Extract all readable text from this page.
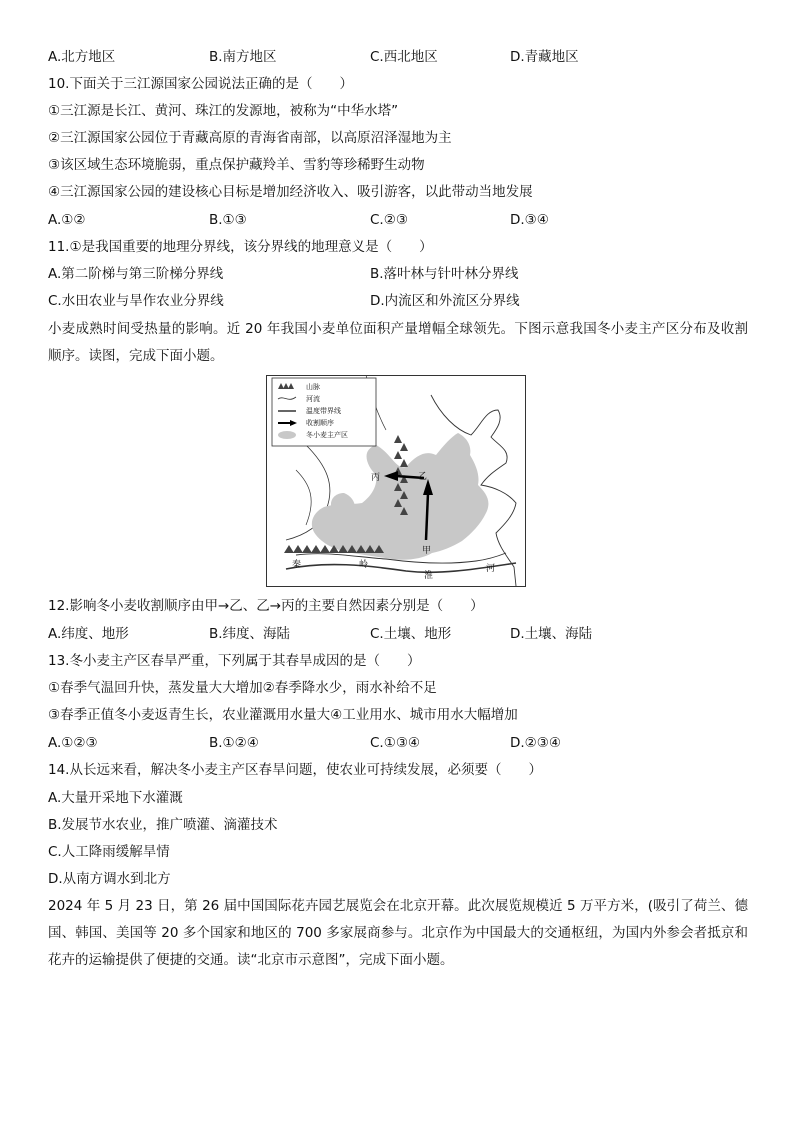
A.北方地区	B.南方地区	C.西北地区	D.青藏地区
10.下面关于三江源国家公园说法正确的是（　　）
①三江源是长江、黄河、珠江的发源地，被称为“中华水塔”
②三江源国家公园位于青藏高原的青海省南部，以高原沼泽湿地为主
③该区域生态环境脆弱，重点保护藏羚羊、雪豹等珍稀野生动物
④三江源国家公园的建设核心目标是增加经济收入、吸引游客，以此带动当地发展
A.①②	B.①③	C.②③	D.③④
11.①是我国重要的地理分界线，该分界线的地理意义是（　　）
A.第二阶梯与第三阶梯分界线	B.落叶林与针叶林分界线
C.水田农业与旱作农业分界线	D.内流区和外流区分界线
小麦成熟时间受热量的影响。近 20 年我国小麦单位面积产量增幅全球领先。下图示意我国冬小麦主产区分布及收割顺序。读图，完成下面小题。
丙	乙
甲
秦	岭
淮
河
山脉
河流
温度带界线
收割顺序
冬小麦主产区
12.影响冬小麦收割顺序由甲→乙、乙→丙的主要自然因素分别是（　　）
A.纬度、地形	B.纬度、海陆	C.土壤、地形	D.土壤、海陆
13.冬小麦主产区春旱严重，下列属于其春旱成因的是（　　）
①春季气温回升快，蒸发量大大增加②春季降水少，雨水补给不足
③春季正值冬小麦返青生长，农业灌溉用水量大④工业用水、城市用水大幅增加
A.①②③	B.①②④	C.①③④	D.②③④
14.从长远来看，解决冬小麦主产区春旱问题，使农业可持续发展，必须要（　　）
A.大量开采地下水灌溉
B.发展节水农业，推广喷灌、滴灌技术
C.人工降雨缓解旱情
D.从南方调水到北方
2024 年 5 月 23 日，第 26 届中国国际花卉园艺展览会在北京开幕。此次展览规模近 5 万平方米，(吸引了荷兰、德国、韩国、美国等 20 多个国家和地区的 700 多家展商参与。北京作为中国最大的交通枢纽，为国内外参会者抵京和花卉的运输提供了便捷的交通。读“北京市示意图”，完成下面小题。
